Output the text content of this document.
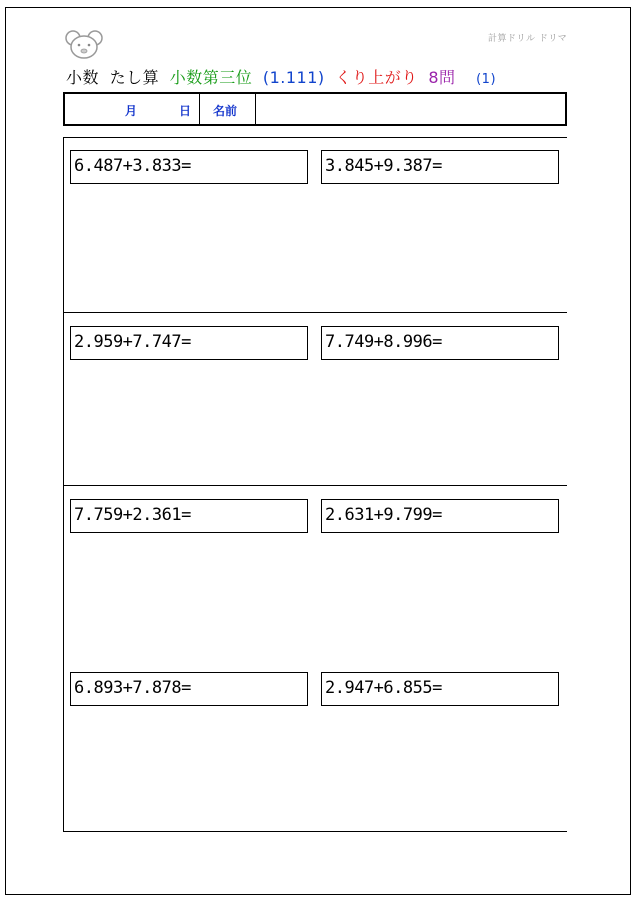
計算ドリル ドリマ
小数 たし算 小数第三位 (1.111) くり上がり 8問 (1)
月	日 名前
6.487+3.833=	3.845+9.387=
2.959+7.747=	7.749+8.996=
7.759+2.361=	2.631+9.799=
6.893+7.878=	2.947+6.855=
